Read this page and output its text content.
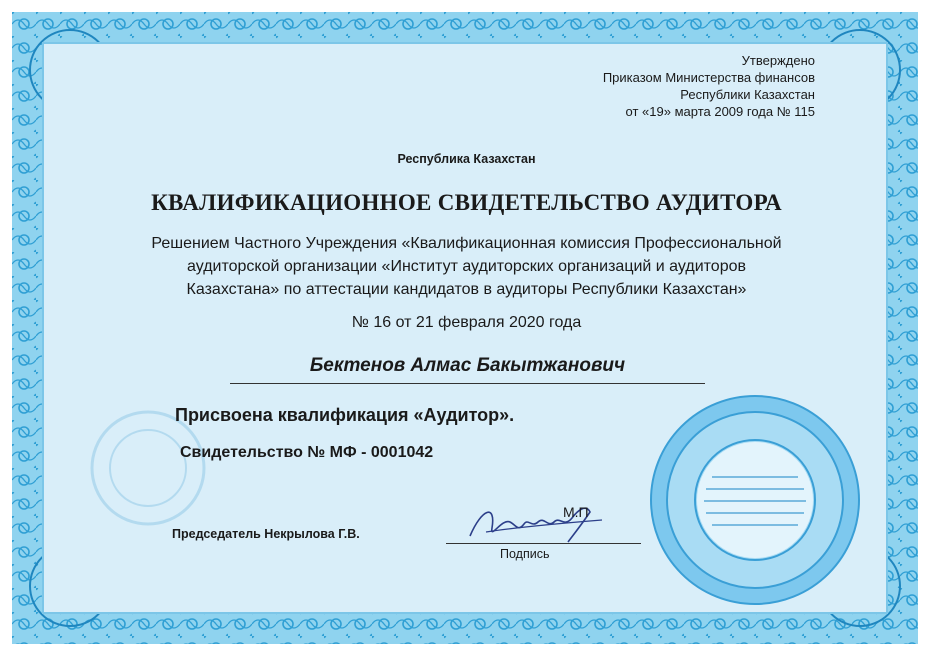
Утверждено
Приказом Министерства финансов
Республики Казахстан
от «19» марта 2009 года № 115
Республика Казахстан
КВАЛИФИКАЦИОННОЕ СВИДЕТЕЛЬСТВО АУДИТОРА
Решением Частного Учреждения «Квалификационная комиссия Профессиональной
аудиторской организации «Институт аудиторских организаций и аудиторов
Казахстана» по аттестации кандидатов в аудиторы Республики Казахстан»
№ 16 от 21 февраля 2020 года
Бектенов Алмас Бакытжанович
Присвоена квалификация «Аудитор».
Свидетельство № МФ - 0001042
Председатель Некрылова Г.В.
М.П
Подпись
